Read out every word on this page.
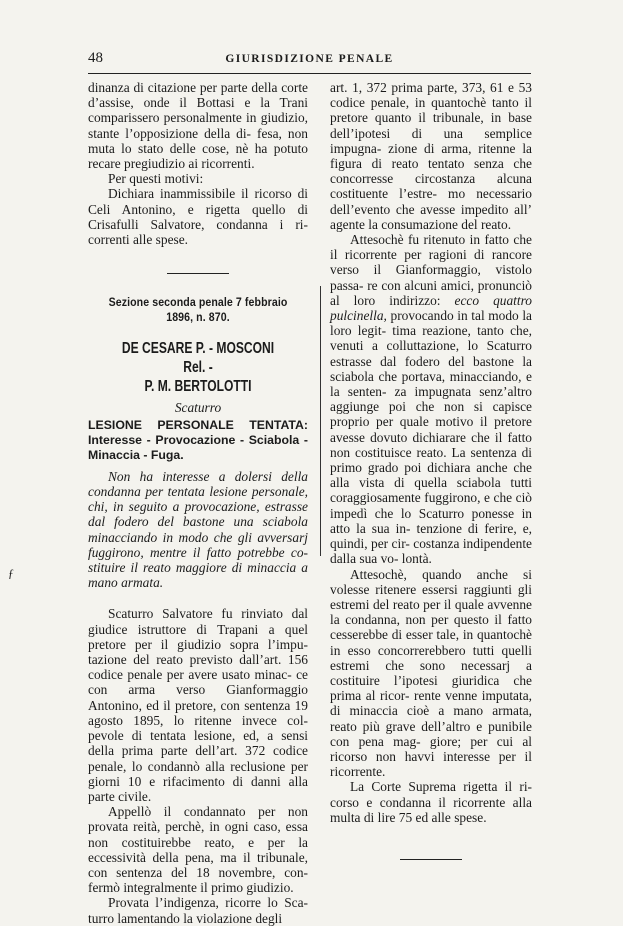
48	GIURISDIZIONE PENALE
ƒ

dinanza di citazione per parte della corte d’assise, onde il Bottasi e la Trani comparissero personalmente in giudizio, stante l’opposizione della di- fesa, non muta lo stato delle cose, nè ha potuto recare pregiudizio ai ricorrenti.

Per questi motivi:

Dichiara inammissibile il ricorso di Celi Antonino, e rigetta quello di Crisafulli Salvatore, condanna i ri- correnti alle spese.

Sezione seconda penale 7 febbraio 1896, n. 870.
DE CESARE P. - MOSCONI Rel. -
P. M. BERTOLOTTI
Scaturro
LESIONE PERSONALE TENTATA: Interesse - Provocazione - Sciabola - Minaccia - Fuga.

Non ha interesse a dolersi della condanna per tentata lesione personale, chi, in seguito a provocazione, estrasse dal fodero del bastone una sciabola minacciando in modo che gli avversarj fuggirono, mentre il fatto potrebbe co- stituire il reato maggiore di minaccia a mano armata.

Scaturro Salvatore fu rinviato dal giudice istruttore di Trapani a quel pretore per il giudizio sopra l’impu- tazione del reato previsto dall’art. 156 codice penale per avere usato minac- ce con arma verso Gianformaggio Antonino, ed il pretore, con sentenza 19 agosto 1895, lo ritenne invece col- pevole di tentata lesione, ed, a sensi della prima parte dell’art. 372 codice penale, lo condannò alla reclusione per giorni 10 e rifacimento di danni alla parte civile.

Appellò il condannato per non provata reità, perchè, in ogni caso, essa non costituirebbe reato, e per la eccessività della pena, ma il tribunale, con sentenza del 18 novembre, con- fermò integralmente il primo giudizio.

Provata l’indigenza, ricorre lo Sca- turro lamentando la violazione degli

art. 1, 372 prima parte, 373, 61 e 53 codice penale, in quantochè tanto il pretore quanto il tribunale, in base dell’ipotesi di una semplice impugna- zione di arma, ritenne la figura di reato tentato senza che concorresse circostanza alcuna costituente l’estre- mo necessario dell’evento che avesse impedito all’ agente la consumazione del reato.

Attesochè fu ritenuto in fatto che il ricorrente per ragioni di rancore verso il Gianformaggio, vistolo passa- re con alcuni amici, pronunciò al loro indirizzo: ecco quattro pulcinella, provocando in tal modo la loro legit- tima reazione, tanto che, venuti a colluttazione, lo Scaturro estrasse dal fodero del bastone la sciabola che portava, minacciando, e la senten- za impugnata senz’altro aggiunge poi che non si capisce proprio per quale motivo il pretore avesse dovuto dichiarare che il fatto non costituisce reato. La sentenza di primo grado poi dichiara anche che alla vista di quella sciabola tutti coraggiosamente fuggirono, e che ciò impedì che lo Scaturro ponesse in atto la sua in- tenzione di ferire, e, quindi, per cir- costanza indipendente dalla sua vo- lontà.

Attesochè, quando anche si volesse ritenere essersi raggiunti gli estremi del reato per il quale avvenne la condanna, non per questo il fatto cesserebbe di esser tale, in quantochè in esso concorrerebbero tutti quelli estremi che sono necessarj a costituire l’ipotesi giuridica che prima al ricor- rente venne imputata, di minaccia cioè a mano armata, reato più grave dell’altro e punibile con pena mag- giore; per cui al ricorso non havvi interesse per il ricorrente.

La Corte Suprema rigetta il ri- corso e condanna il ricorrente alla multa di lire 75 ed alle spese.
